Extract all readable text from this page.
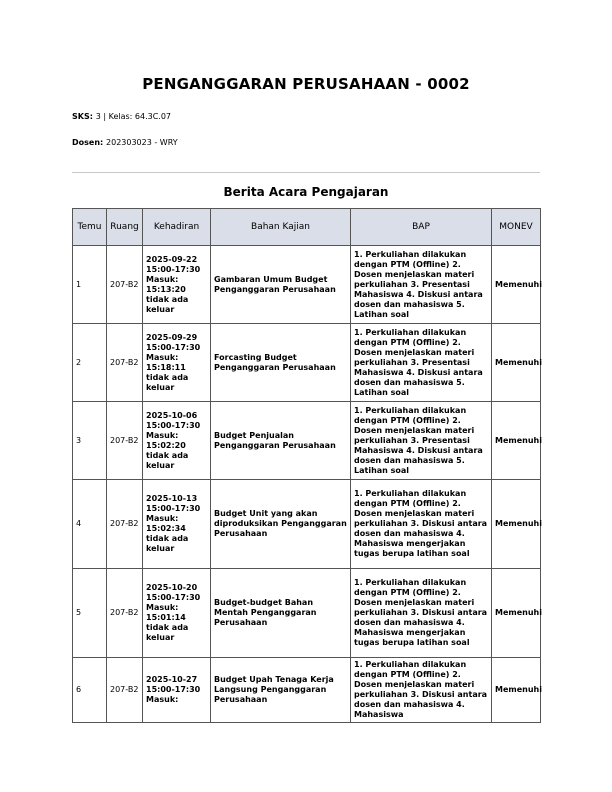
PENGANGGARAN PERUSAHAAN - 0002
SKS: 3 | Kelas: 64.3C.07
Dosen: 202303023 - WRY
Berita Acara Pengajaran
Temu	Ruang	Kehadiran	Bahan Kajian	BAP	MONEV
1	207-B2	2025-09-22 15:00-17:30 Masuk: 15:13:20 tidak ada keluar	Gambaran Umum Budget Penganggaran Perusahaan	1. Perkuliahan dilakukan dengan PTM (Offline) 2. Dosen menjelaskan materi perkuliahan 3. Presentasi Mahasiswa 4. Diskusi antara dosen dan mahasiswa 5. Latihan soal	Memenuhi
2	207-B2	2025-09-29 15:00-17:30 Masuk: 15:18:11 tidak ada keluar	Forcasting Budget Penganggaran Perusahaan	1. Perkuliahan dilakukan dengan PTM (Offline) 2. Dosen menjelaskan materi perkuliahan 3. Presentasi Mahasiswa 4. Diskusi antara dosen dan mahasiswa 5. Latihan soal	Memenuhi
3	207-B2	2025-10-06 15:00-17:30 Masuk: 15:02:20 tidak ada keluar	Budget Penjualan Penganggaran Perusahaan	1. Perkuliahan dilakukan dengan PTM (Offline) 2. Dosen menjelaskan materi perkuliahan 3. Presentasi Mahasiswa 4. Diskusi antara dosen dan mahasiswa 5. Latihan soal	Memenuhi
4	207-B2	2025-10-13 15:00-17:30 Masuk: 15:02:34 tidak ada keluar	Budget Unit yang akan diproduksikan Penganggaran Perusahaan	1. Perkuliahan dilakukan dengan PTM (Offline) 2. Dosen menjelaskan materi perkuliahan 3. Diskusi antara dosen dan mahasiswa 4. Mahasiswa mengerjakan tugas berupa latihan soal	Memenuhi
5	207-B2	2025-10-20 15:00-17:30 Masuk: 15:01:14 tidak ada keluar	Budget-budget Bahan Mentah Penganggaran Perusahaan	1. Perkuliahan dilakukan dengan PTM (Offline) 2. Dosen menjelaskan materi perkuliahan 3. Diskusi antara dosen dan mahasiswa 4. Mahasiswa mengerjakan tugas berupa latihan soal	Memenuhi
6	207-B2	2025-10-27 15:00-17:30 Masuk:	Budget Upah Tenaga Kerja Langsung Penganggaran Perusahaan	1. Perkuliahan dilakukan dengan PTM (Offline) 2. Dosen menjelaskan materi perkuliahan 3. Diskusi antara dosen dan mahasiswa 4. Mahasiswa	Memenuhi
